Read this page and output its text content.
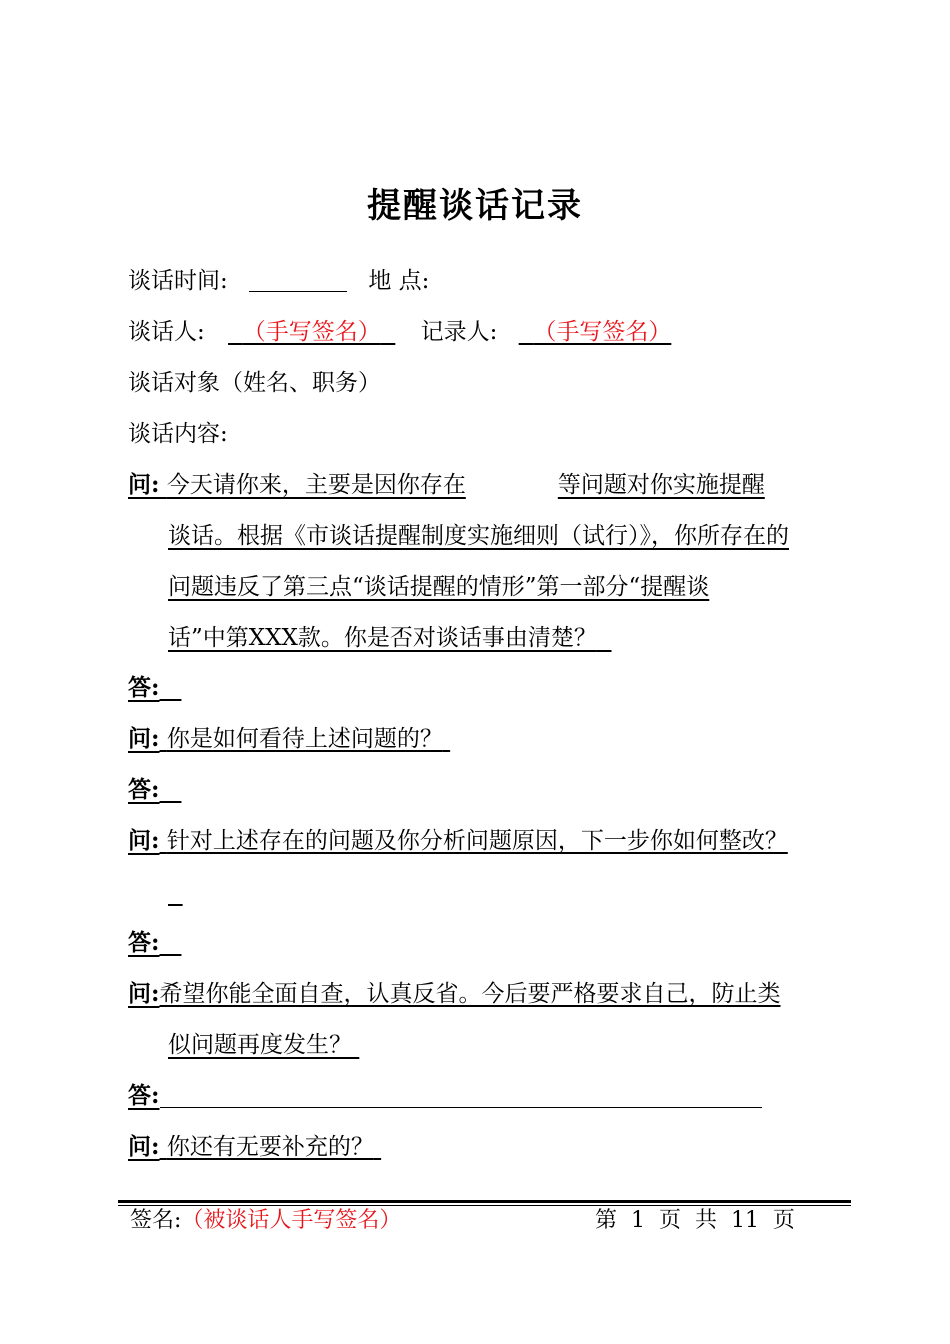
提醒谈话记录
谈话时间:	地 点:
谈话人: （手写签名） 记录人: （手写签名）
谈话对象（姓名、职务）
谈话内容:
问: 今天请你来，主要是因你存在	等问题对你实施提醒
谈话。根据《市谈话提醒制度实施细则（试行）》，你所存在的
问题违反了第三点“谈话提醒的情形”第一部分“提醒谈
话”中第XXX款。你是否对谈话事由清楚？
答:
问: 你是如何看待上述问题的？
答:
问: 针对上述存在的问题及你分析问题原因，下一步你如何整改？

答:
问:希望你能全面自查，认真反省。今后要严格要求自己，防止类
似问题再度发生？
答:
问: 你还有无要补充的？
签名:（被谈话人手写签名）	第  1  页  共  11  页
